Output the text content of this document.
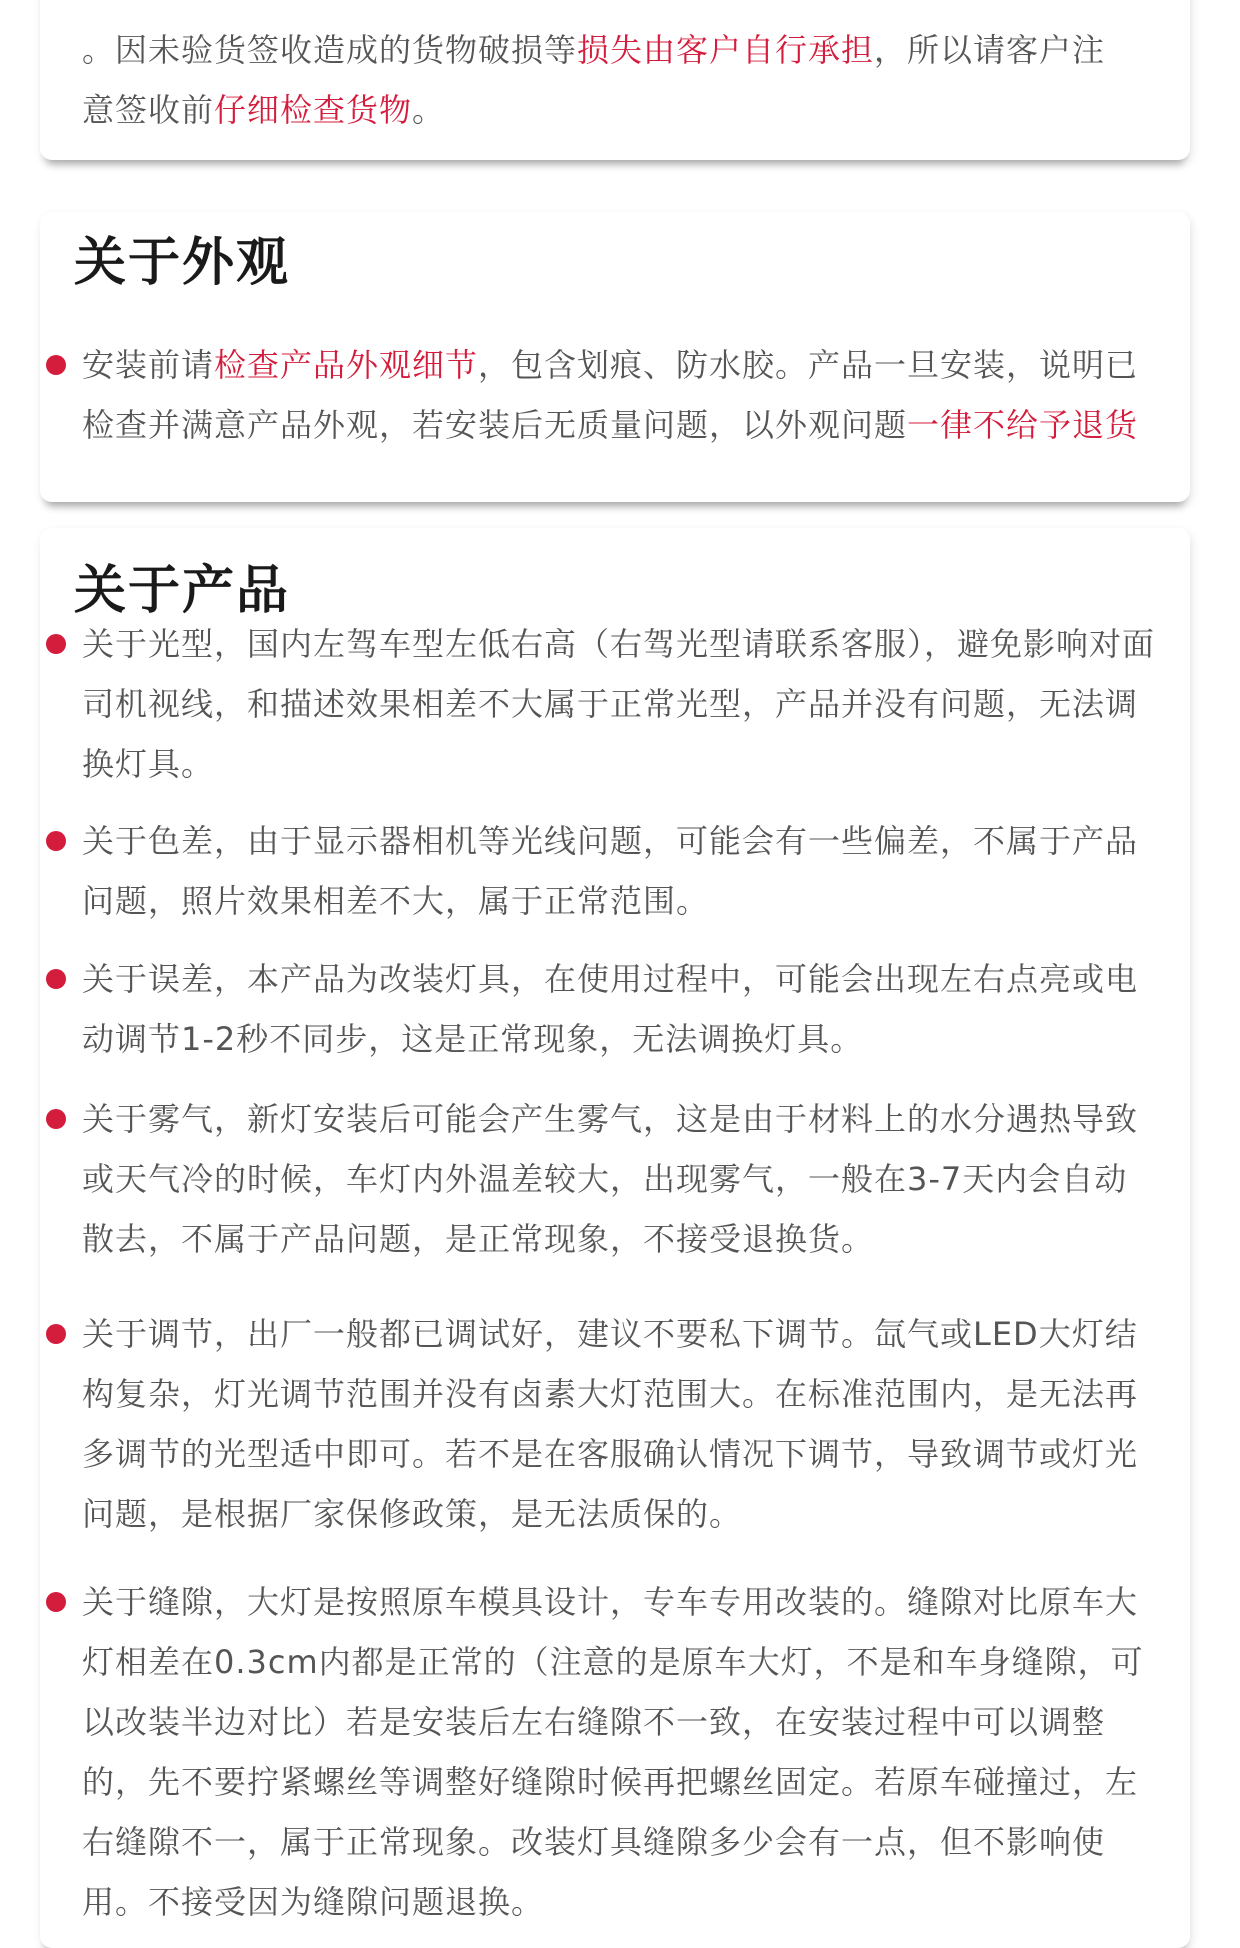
。因未验货签收造成的货物破损等损失由客户自行承担，所以请客户注
意签收前仔细检查货物。
关于外观
安装前请检查产品外观细节，包含划痕、防水胶。产品一旦安装，说明已检查并满意产品外观，若安装后无质量问题，以外观问题一律不给予退货
关于产品
关于光型，国内左驾车型左低右高（右驾光型请联系客服），避免影响对面司机视线，和描述效果相差不大属于正常光型，产品并没有问题，无法调换灯具。
关于色差，由于显示器相机等光线问题，可能会有一些偏差，不属于产品问题，照片效果相差不大，属于正常范围。
关于误差，本产品为改装灯具，在使用过程中，可能会出现左右点亮或电动调节1-2秒不同步，这是正常现象，无法调换灯具。
关于雾气，新灯安装后可能会产生雾气，这是由于材料上的水分遇热导致或天气冷的时候，车灯内外温差较大，出现雾气，一般在3-7天内会自动散去，不属于产品问题，是正常现象，不接受退换货。
关于调节，出厂一般都已调试好，建议不要私下调节。氙气或LED大灯结构复杂，灯光调节范围并没有卤素大灯范围大。在标准范围内，是无法再多调节的光型适中即可。若不是在客服确认情况下调节，导致调节或灯光问题，是根据厂家保修政策，是无法质保的。
关于缝隙，大灯是按照原车模具设计，专车专用改装的。缝隙对比原车大灯相差在0.3cm内都是正常的（注意的是原车大灯，不是和车身缝隙，可以改装半边对比）若是安装后左右缝隙不一致，在安装过程中可以调整的，先不要拧紧螺丝等调整好缝隙时候再把螺丝固定。若原车碰撞过，左右缝隙不一，属于正常现象。改装灯具缝隙多少会有一点，但不影响使用。不接受因为缝隙问题退换。
